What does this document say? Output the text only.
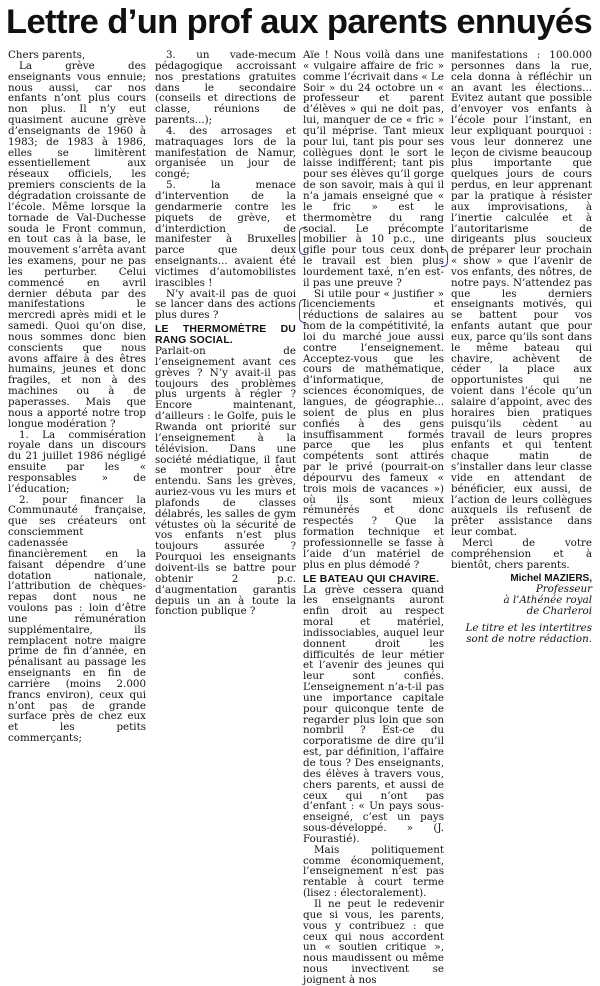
Lettre d’un prof aux parents ennuyés

Chers parents,

La grève des enseignants vous ennuie; nous aussi, car nos enfants n’ont plus cours non plus. Il n’y eut quasiment aucune grève d’enseignants de 1960 à 1983; de 1983 à 1986, elles se limitèrent essentiellement aux réseaux officiels, les premiers conscients de la dégradation croissante de l’école. Même lorsque la tornade de Val-Duchesse souda le Front commun, en tout cas à la base, le mouvement s’arrêta avant les examens, pour ne pas les perturber. Celui commencé en avril dernier débuta par des manifestations le mercredi après midi et le samedi. Quoi qu’on dise, nous sommes donc bien conscients que nous avons affaire à des êtres humains, jeunes et donc fragiles, et non à des machines ou à de paperasses. Mais que nous a apporté notre trop longue modération ?

1. La commisération royale dans un discours du 21 juillet 1986 négligé ensuite par les « responsables » de l’éducation;

2. pour financer la Communauté française, que ses créateurs ont consciemment cadenassée financièrement en la faisant dépendre d’une dotation nationale, l’attribution de chèques-repas dont nous ne voulons pas : loin d’être une rémunération supplémentaire, ils remplacent notre maigre prime de fin d’année, en pénalisant au passage les enseignants en fin de carrière (moins 2.000 francs environ), ceux qui n’ont pas de grande surface près de chez eux et les petits commerçants;

3. un vade-mecum pédagogique accroissant nos prestations gratuites dans le secondaire (conseils et directions de classe, réunions de parents...);

4. des arrosages et matraquages lors de la manifestation de Namur, organisée un jour de congé;

5. la menace d’intervention de la gendarmerie contre les piquets de grève, et d’interdiction de manifester à Bruxelles parce que deux enseignants... avaient été victimes d’automobilistes irascibles !

N’y avait-il pas de quoi se lancer dans des actions plus dures ?

LE THERMOMÈTRE DU RANG SOCIAL.

Parlait-on de l’enseignement avant ces grèves ? N’y avait-il pas toujours des problèmes plus urgents à régler ? Encore maintenant, d’ailleurs : le Golfe, puis le Rwanda ont priorité sur l’enseignement à la télévision. Dans une société médiatique, il faut se montrer pour être entendu. Sans les grèves, auriez-vous vu les murs et plafonds de classes délabrés, les salles de gym vétustes où la sécurité de vos enfants n’est plus toujours assurée ? Pourquoi les enseignants doivent-ils se battre pour obtenir 2 p.c. d’augmentation garantis depuis un an à toute la fonction publique ?

Aïe ! Nous voilà dans une « vulgaire affaire de fric » comme l’écrivait dans « Le Soir » du 24 octobre un « professeur et parent d’élèves » qui ne doit pas, lui, manquer de ce « fric » qu’il méprise. Tant mieux pour lui, tant pis pour ses collègues dont le sort le laisse indifférent; tant pis pour ses élèves qu’il gorge de son savoir, mais à qui il n’a jamais enseigné que « le fric » est le thermomètre du rang social. Le précompte mobilier à 10 p.c., une gifle pour tous ceux dont le travail est bien plus lourdement taxé, n’en est-il pas une preuve ?

Si utile pour « justifier » licenciements et réductions de salaires au nom de la compétitivité, la loi du marché joue aussi contre l’enseignement. Acceptez-vous que les cours de mathématique, d’informatique, de sciences économiques, de langues, de géographie... soient de plus en plus confiés à des gens insuffisamment formés parce que les plus compétents sont attirés par le privé (pourrait-on dépourvu des fameux « trois mois de vacances ») où ils sont mieux rémunérés et donc respectés ? Que la formation technique et professionnelle se fasse à l’aide d’un matériel de plus en plus démodé ?

LE BATEAU QUI CHAVIRE.

La grève cessera quand les enseignants auront enfin droit au respect moral et matériel, indissociables, auquel leur donnent droit les difficultés de leur métier et l’avenir des jeunes qui leur sont confiés. L’enseignement n’a-t-il pas une importance capitale pour quiconque tente de regarder plus loin que son nombril ? Est-ce du corporatisme de dire qu’il est, par définition, l’affaire de tous ? Des enseignants, des élèves à travers vous, chers parents, et aussi de ceux qui n’ont pas d’enfant : « Un pays sous-enseigné, c’est un pays sous-développé. » (J. Fourastié).

Mais politiquement comme économiquement, l’enseignement n’est pas rentable à court terme (lisez : électoralement).

Il ne peut le redevenir que si vous, les parents, vous y contribuez : que ceux qui nous accordent un « soutien critique », nous maudissent ou même nous invectivent se joignent à nos

manifestations : 100.000 personnes dans la rue, cela donna à réfléchir un an avant les élections... Evitez autant que possible d’envoyer vos enfants à l’école pour l’instant, en leur expliquant pourquoi : vous leur donnerez une leçon de civisme beaucoup plus importante que quelques jours de cours perdus, en leur apprenant par la pratique à résister aux improvisations, à l’inertie calculée et à l’autoritarisme de dirigeants plus soucieux de préparer leur prochain « show » que l’avenir de vos enfants, des nôtres, de notre pays. N’attendez pas que les derniers enseignants motivés, qui se battent pour vos enfants autant que pour eux, parce qu’ils sont dans le même bateau qui chavire, achèvent de céder la place aux opportunistes qui ne voient dans l’école qu’un salaire d’appoint, avec des horaires bien pratiques puisqu’ils cèdent au travail de leurs propres enfants et qui tentent chaque matin de s’installer dans leur classe vide en attendant de bénéficier, eux aussi, de l’action de leurs collègues auxquels ils refusent de prêter assistance dans leur combat.

Merci de votre compréhension et à bientôt, chers parents.

Michel MAZIERS,
Professeur
à l’Athénée royal
de Charleroi
Le titre et les intertitres sont de notre rédaction.
